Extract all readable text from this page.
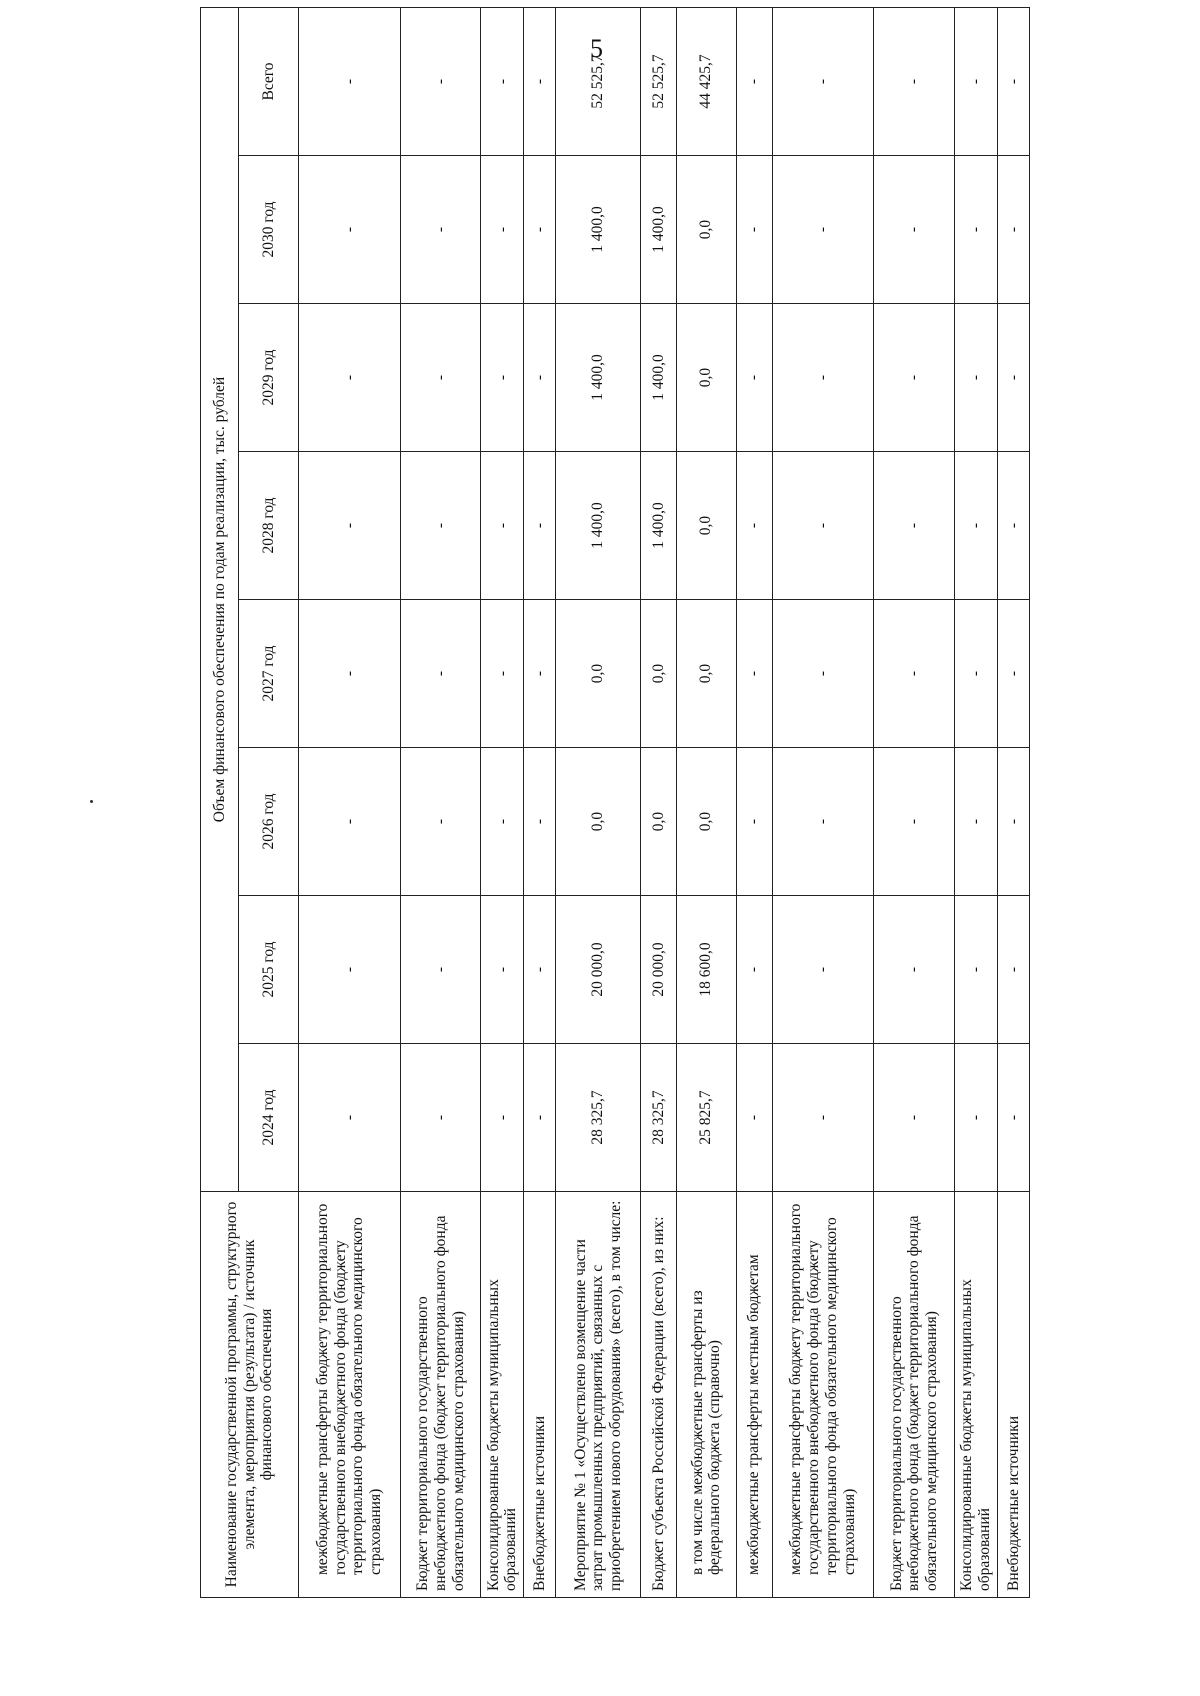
5
Наименование государственной программы, структурного элемента, мероприятия (результата) / источник финансового обеспечения	Объем финансового обеспечения по годам реализации, тыс. рублей							
	2024 год	2025 год	2026 год	2027 год	2028 год	2029 год	2030 год	Всего
межбюджетные трансферты бюджету территориального государственного внебюджетного фонда (бюджету территориального фонда обязательного медицинского страхования)	-	-	-	-	-	-	-	-
Бюджет территориального государственного внебюджетного фонда (бюджет территориального фонда обязательного медицинского страхования)	-	-	-	-	-	-	-	-
Консолидированные бюджеты муниципальных образований	-	-	-	-	-	-	-	-
Внебюджетные источники	-	-	-	-	-	-	-	-
Мероприятие № 1 «Осуществлено возмещение части затрат промышленных предприятий, связанных с приобретением нового оборудования» (всего), в том числе:	28 325,7	20 000,0	0,0	0,0	1 400,0	1 400,0	1 400,0	52 525,7
Бюджет субъекта Российской Федерации (всего), из них:	28 325,7	20 000,0	0,0	0,0	1 400,0	1 400,0	1 400,0	52 525,7
в том числе межбюджетные трансферты из федерального бюджета (справочно)	25 825,7	18 600,0	0,0	0,0	0,0	0,0	0,0	44 425,7
межбюджетные трансферты местным бюджетам	-	-	-	-	-	-	-	-
межбюджетные трансферты бюджету территориального государственного внебюджетного фонда (бюджету территориального фонда обязательного медицинского страхования)	-	-	-	-	-	-	-	-
Бюджет территориального государственного внебюджетного фонда (бюджет территориального фонда обязательного медицинского страхования)	-	-	-	-	-	-	-	-
Консолидированные бюджеты муниципальных образований	-	-	-	-	-	-	-	-
Внебюджетные источники	-	-	-	-	-	-	-	-
